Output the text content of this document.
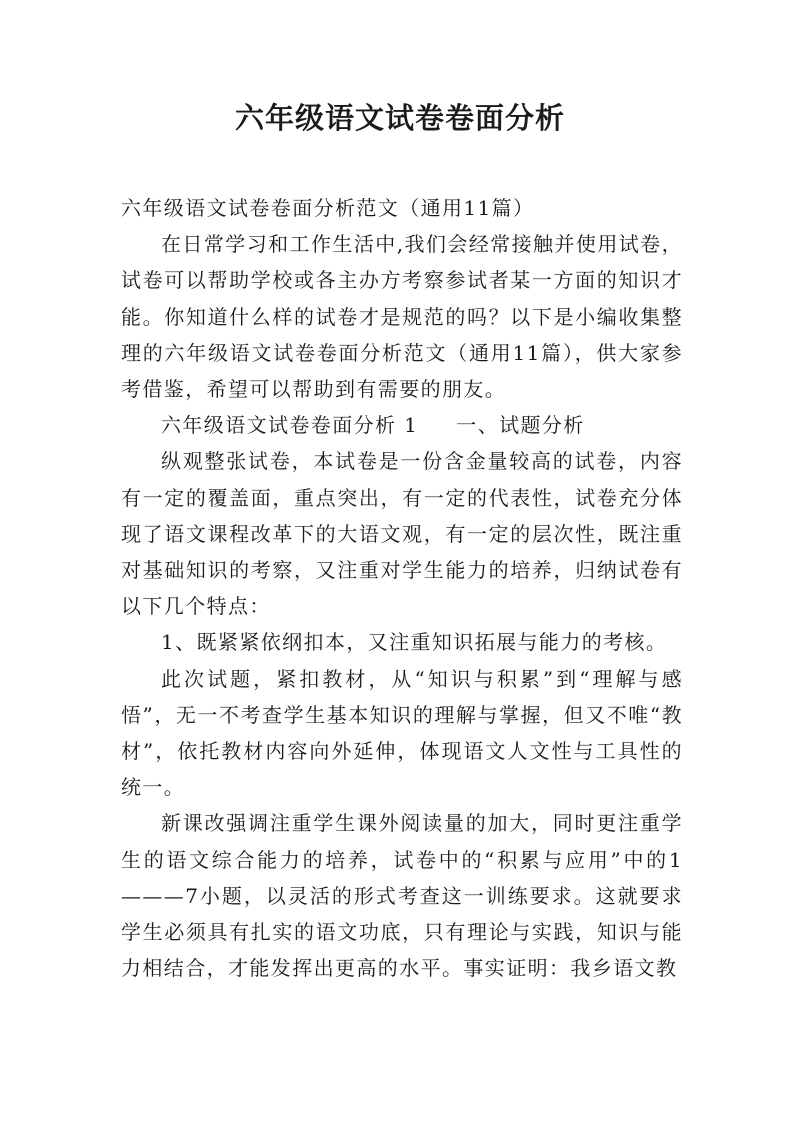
六年级语文试卷卷面分析

六年级语文试卷卷面分析范文（通用11篇）

在日常学习和工作生活中,我们会经常接触并使用试卷，试卷可以帮助学校或各主办方考察参试者某一方面的知识才能。你知道什么样的试卷才是规范的吗？以下是小编收集整理的六年级语文试卷卷面分析范文（通用11篇），供大家参考借鉴，希望可以帮助到有需要的朋友。

六年级语文试卷卷面分析 1 一、试题分析

纵观整张试卷，本试卷是一份含金量较高的试卷，内容有一定的覆盖面，重点突出，有一定的代表性，试卷充分体现了语文课程改革下的大语文观，有一定的层次性，既注重对基础知识的考察，又注重对学生能力的培养，归纳试卷有以下几个特点：

1、既紧紧依纲扣本，又注重知识拓展与能力的考核。

此次试题，紧扣教材，从“知识与积累”到“理解与感悟”，无一不考查学生基本知识的理解与掌握，但又不唯“教材”，依托教材内容向外延伸，体现语文人文性与工具性的统一。

新课改强调注重学生课外阅读量的加大，同时更注重学生的语文综合能力的培养，试卷中的“积累与应用”中的1———7小题，以灵活的形式考查这一训练要求。这就要求学生必须具有扎实的语文功底，只有理论与实践，知识与能力相结合，才能发挥出更高的水平。事实证明：我乡语文教
